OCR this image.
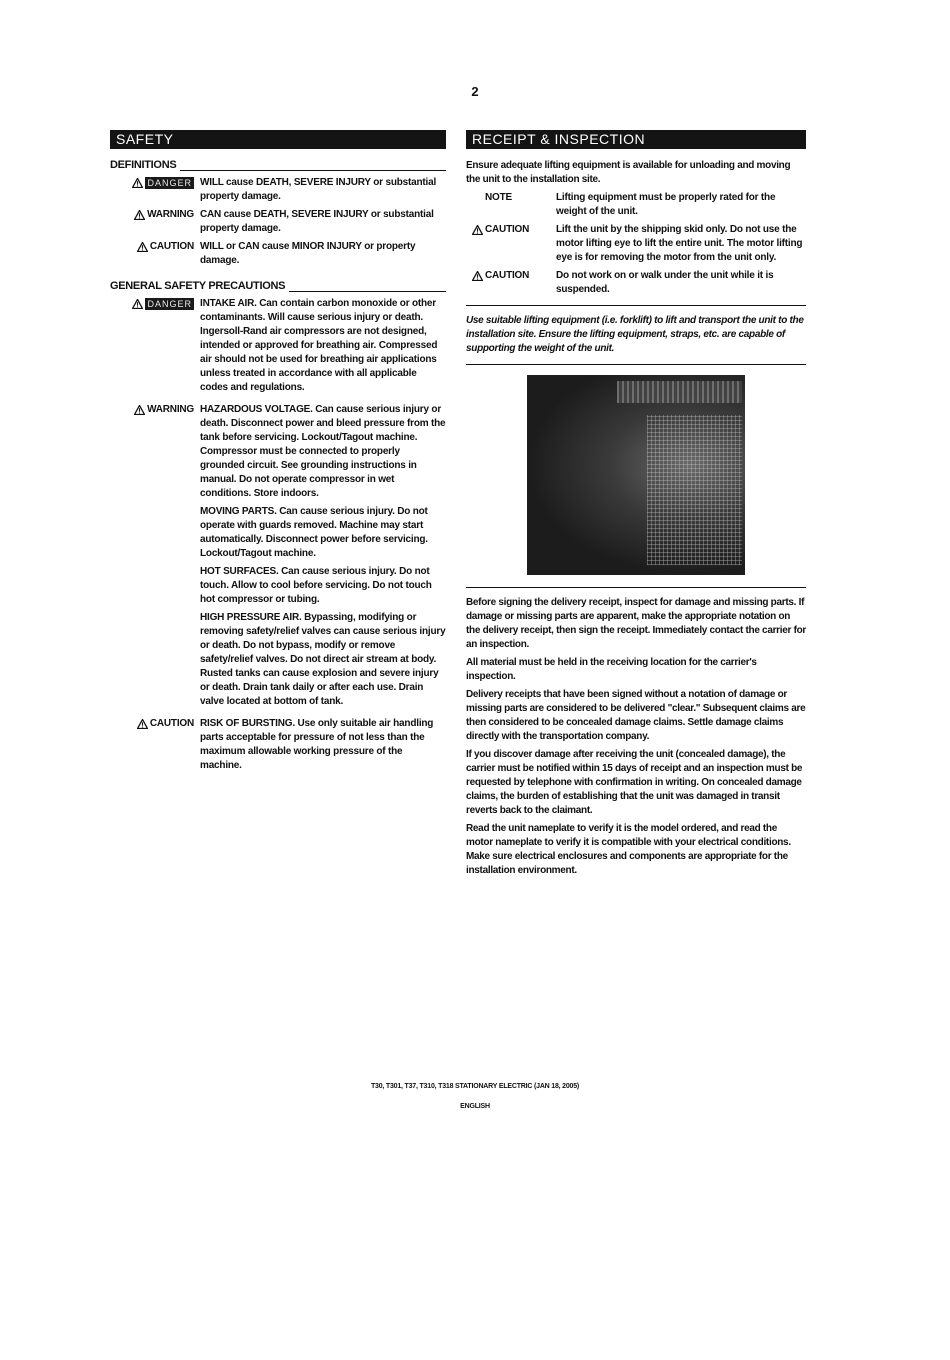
2
SAFETY
DEFINITIONS
DANGER WILL cause DEATH, SEVERE INJURY or substantial property damage.
WARNING CAN cause DEATH, SEVERE INJURY or substantial property damage.
CAUTION WILL or CAN cause MINOR INJURY or property damage.
GENERAL SAFETY PRECAUTIONS
DANGER INTAKE AIR. Can contain carbon monoxide or other contaminants. Will cause serious injury or death. Ingersoll-Rand air compressors are not designed, intended or approved for breathing air. Compressed air should not be used for breathing air applications unless treated in accordance with all applicable codes and regulations.

WARNING HAZARDOUS VOLTAGE. Can cause serious injury or death. Disconnect power and bleed pressure from the tank before servicing. Lockout/Tagout machine. Compressor must be connected to properly grounded circuit. See grounding instructions in manual. Do not operate compressor in wet conditions. Store indoors.

MOVING PARTS. Can cause serious injury. Do not operate with guards removed. Machine may start automatically. Disconnect power before servicing. Lockout/Tagout machine.

HOT SURFACES. Can cause serious injury. Do not touch. Allow to cool before servicing. Do not touch hot compressor or tubing.

HIGH PRESSURE AIR. Bypassing, modifying or removing safety/relief valves can cause serious injury or death. Do not bypass, modify or remove safety/relief valves. Do not direct air stream at body. Rusted tanks can cause explosion and severe injury or death. Drain tank daily or after each use. Drain valve located at bottom of tank.

CAUTION RISK OF BURSTING. Use only suitable air handling parts acceptable for pressure of not less than the maximum allowable working pressure of the machine.

RECEIPT & INSPECTION

Ensure adequate lifting equipment is available for unloading and moving the unit to the installation site.

NOTE	Lifting equipment must be properly rated for the weight of the unit.
CAUTION	Lift the unit by the shipping skid only. Do not use the motor lifting eye to lift the entire unit. The motor lifting eye is for removing the motor from the unit only.
CAUTION	Do not work on or walk under the unit while it is suspended.

Use suitable lifting equipment (i.e. forklift) to lift and transport the unit to the installation site. Ensure the lifting equipment, straps, etc. are capable of supporting the weight of the unit.

Before signing the delivery receipt, inspect for damage and missing parts. If damage or missing parts are apparent, make the appropriate notation on the delivery receipt, then sign the receipt. Immediately contact the carrier for an inspection.

All material must be held in the receiving location for the carrier's inspection.

Delivery receipts that have been signed without a notation of damage or missing parts are considered to be delivered "clear." Subsequent claims are then considered to be concealed damage claims. Settle damage claims directly with the transportation company.

If you discover damage after receiving the unit (concealed damage), the carrier must be notified within 15 days of receipt and an inspection must be requested by telephone with confirmation in writing. On concealed damage claims, the burden of establishing that the unit was damaged in transit reverts back to the claimant.

Read the unit nameplate to verify it is the model ordered, and read the motor nameplate to verify it is compatible with your electrical conditions. Make sure electrical enclosures and components are appropriate for the installation environment.

T30, T301, T37, T310, T318 STATIONARY ELECTRIC (JAN 18, 2005)
ENGLISH
